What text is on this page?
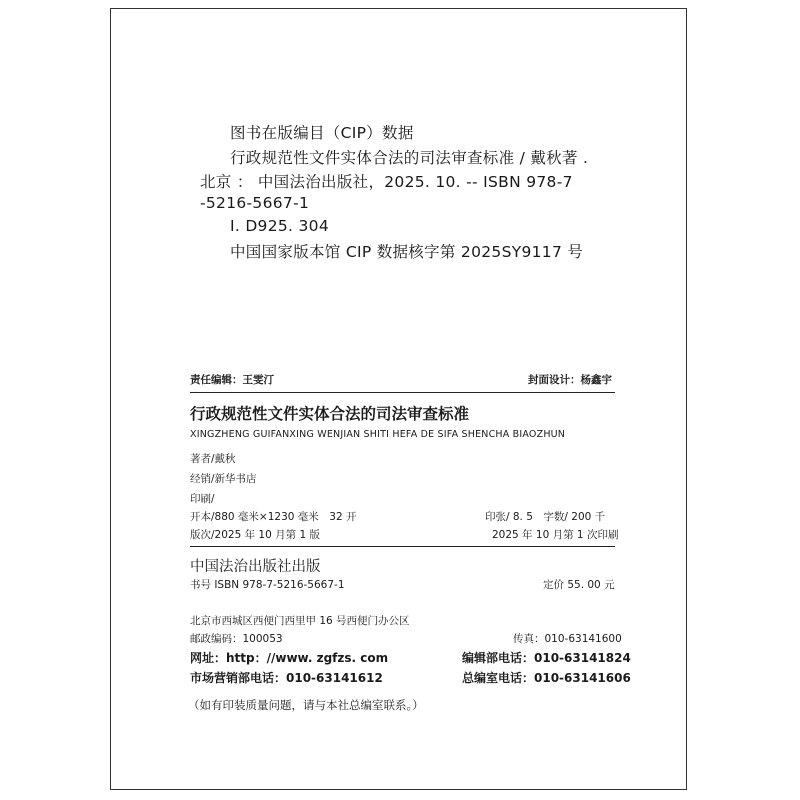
图书在版编目（CIP）数据
行政规范性文件实体合法的司法审查标准 / 戴秋著 .
北京 ： 中国法治出版社，2025. 10. -- ISBN 978-7
-5216-5667-1
Ⅰ. D925. 304
中国国家版本馆 CIP 数据核字第 2025SY9117 号
责任编辑：王雯汀	封面设计：杨鑫宇
行政规范性文件实体合法的司法审查标准
XINGZHENG GUIFANXING WENJIAN SHITI HEFA DE SIFA SHENCHA BIAOZHUN
著者/戴秋
经销/新华书店
印刷/
开本/880 毫米×1230 毫米　32 开	印张/ 8. 5　字数/ 200 千
版次/2025 年 10 月第 1 版	2025 年 10 月第 1 次印刷
中国法治出版社出版
书号 ISBN 978-7-5216-5667-1	定价 55. 00 元
北京市西城区西便门西里甲 16 号西便门办公区
邮政编码：100053	传真：010-63141600
网址：http：//www. zgfzs. com	编辑部电话：010-63141824
市场营销部电话：010-63141612	总编室电话：010-63141606
（如有印装质量问题，请与本社总编室联系。）
